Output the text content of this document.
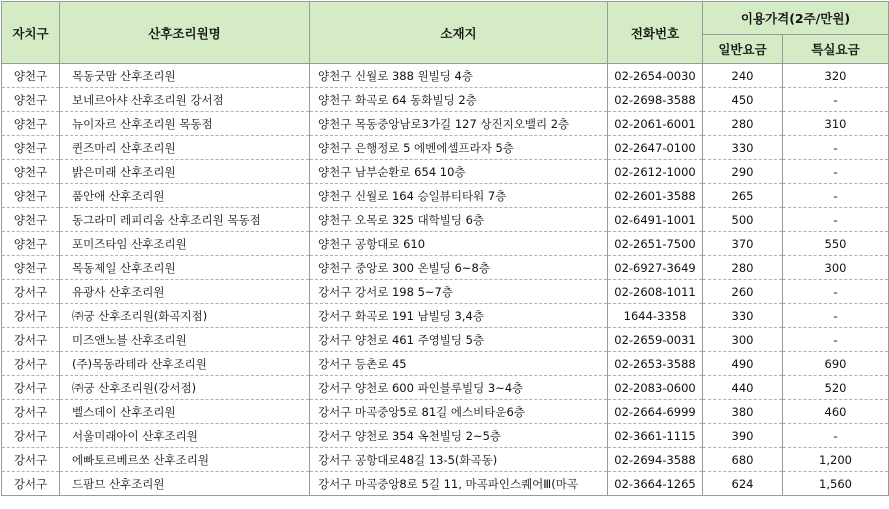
자치구	산후조리원명	소재지	전화번호	이용가격(2주/만원)	
				일반요금	특실요금
양천구	목동굿맘 산후조리원	양천구 신월로 388 원빌딩 4층	02-2654-0030	240	320
양천구	보네르아샤 산후조리원 강서점	양천구 화곡로 64 동화빌딩 2층	02-2698-3588	450	-
양천구	뉴이자르 산후조리원 목동점	양천구 목동중앙남로3가길 127 상진지오밸리 2층	02-2061-6001	280	310
양천구	퀸즈마리 산후조리원	양천구 은행정로 5 에벤에셀프라자 5층	02-2647-0100	330	-
양천구	밝은미래 산후조리원	양천구 남부순환로 654 10층	02-2612-1000	290	-
양천구	품안애 산후조리원	양천구 신월로 164 승일뷰티타워 7층	02-2601-3588	265	-
양천구	동그라미 레피리움 산후조리원 목동점	양천구 오목로 325 대학빌딩 6층	02-6491-1001	500	-
양천구	포미즈타임 산후조리원	양천구 공항대로 610	02-2651-7500	370	550
양천구	목동제일 산후조리원	양천구 중앙로 300 온빌딩 6~8층	02-6927-3649	280	300
강서구	유광사 산후조리원	강서구 강서로 198 5~7층	02-2608-1011	260	-
강서구	㈜궁 산후조리원(화곡지점)	강서구 화곡로 191 남빌딩 3,4층	1644-3358	330	-
강서구	미즈앤노블 산후조리원	강서구 양천로 461 주영빌딩 5층	02-2659-0031	300	-
강서구	(주)목동라테라 산후조리원	강서구 등촌로 45	02-2653-3588	490	690
강서구	㈜궁 산후조리원(강서점)	강서구 양천로 600 파인블루빌딩 3~4층	02-2083-0600	440	520
강서구	벨스데이 산후조리원	강서구 마곡중앙5로 81길 에스비타운6층	02-2664-6999	380	460
강서구	서울미래아이 산후조리원	강서구 양천로 354 옥천빌딩 2~5층	02-3661-1115	390	-
강서구	에빠토르베르쏘 산후조리원	강서구 공항대로48길 13-5(화곡동)	02-2694-3588	680	1,200
강서구	드팜므 산후조리원	강서구 마곡중앙8로 5길 11, 마곡파인스퀘어Ⅲ(마곡	02-3664-1265	624	1,560
